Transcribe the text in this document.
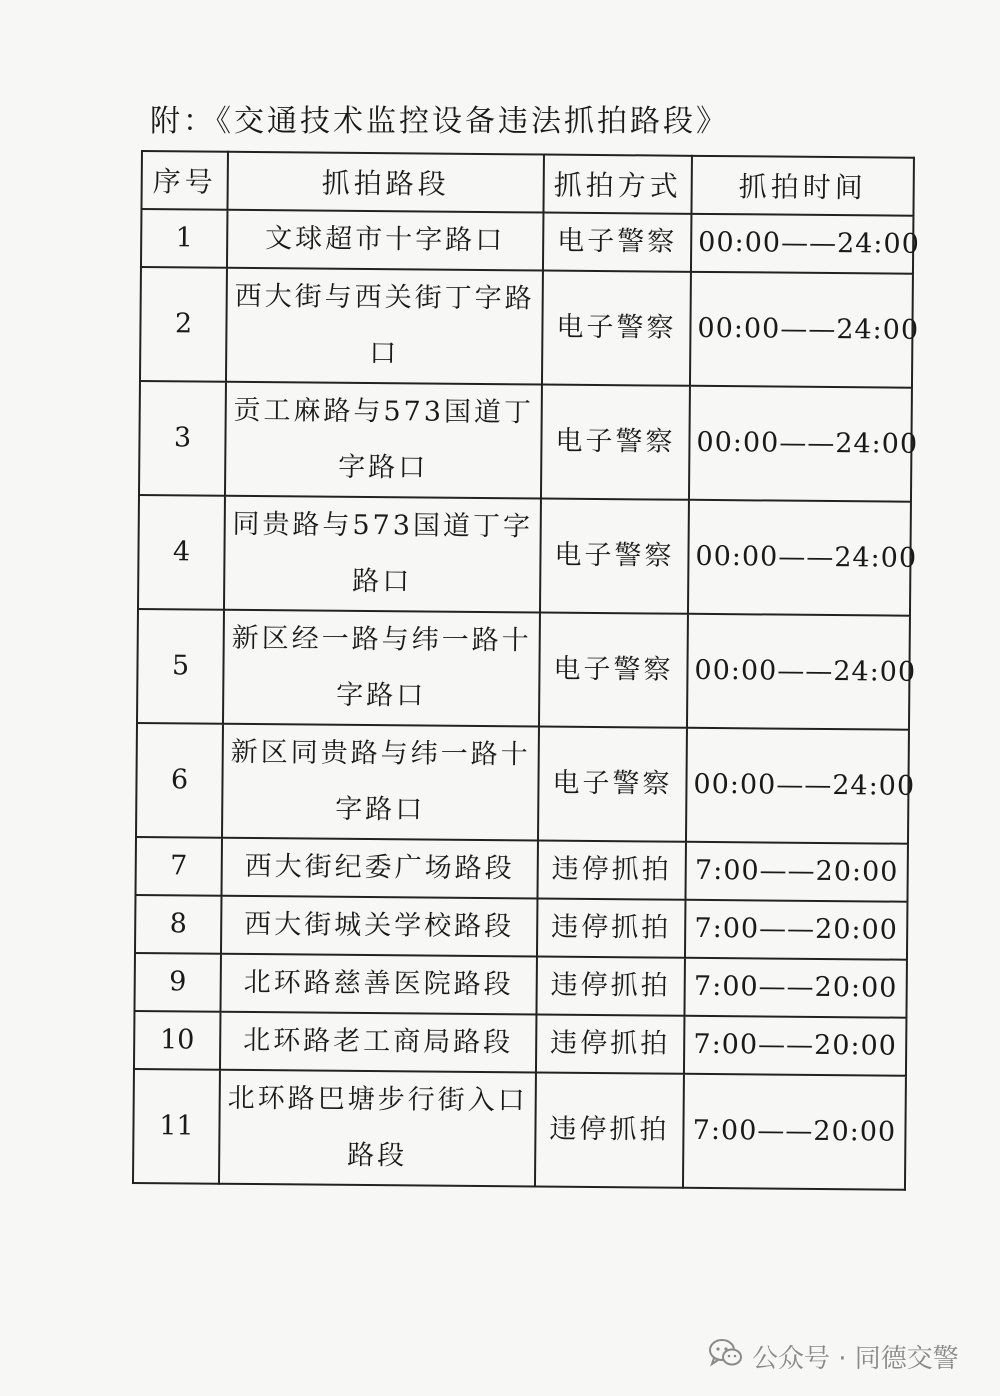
附：《交通技术监控设备违法抓拍路段》
序号	抓拍路段	抓拍方式	抓拍时间
1	文球超市十字路口	电子警察	00:00——24:00
2	西大街与西关街丁字路口	电子警察	00:00——24:00
3	贡工麻路与573国道丁字路口	电子警察	00:00——24:00
4	同贵路与573国道丁字路口	电子警察	00:00——24:00
5	新区经一路与纬一路十字路口	电子警察	00:00——24:00
6	新区同贵路与纬一路十字路口	电子警察	00:00——24:00
7	西大街纪委广场路段	违停抓拍	7:00——20:00
8	西大街城关学校路段	违停抓拍	7:00——20:00
9	北环路慈善医院路段	违停抓拍	7:00——20:00
10	北环路老工商局路段	违停抓拍	7:00——20:00
11	北环路巴塘步行街入口路段	违停抓拍	7:00——20:00
公众号 · 同德交警
